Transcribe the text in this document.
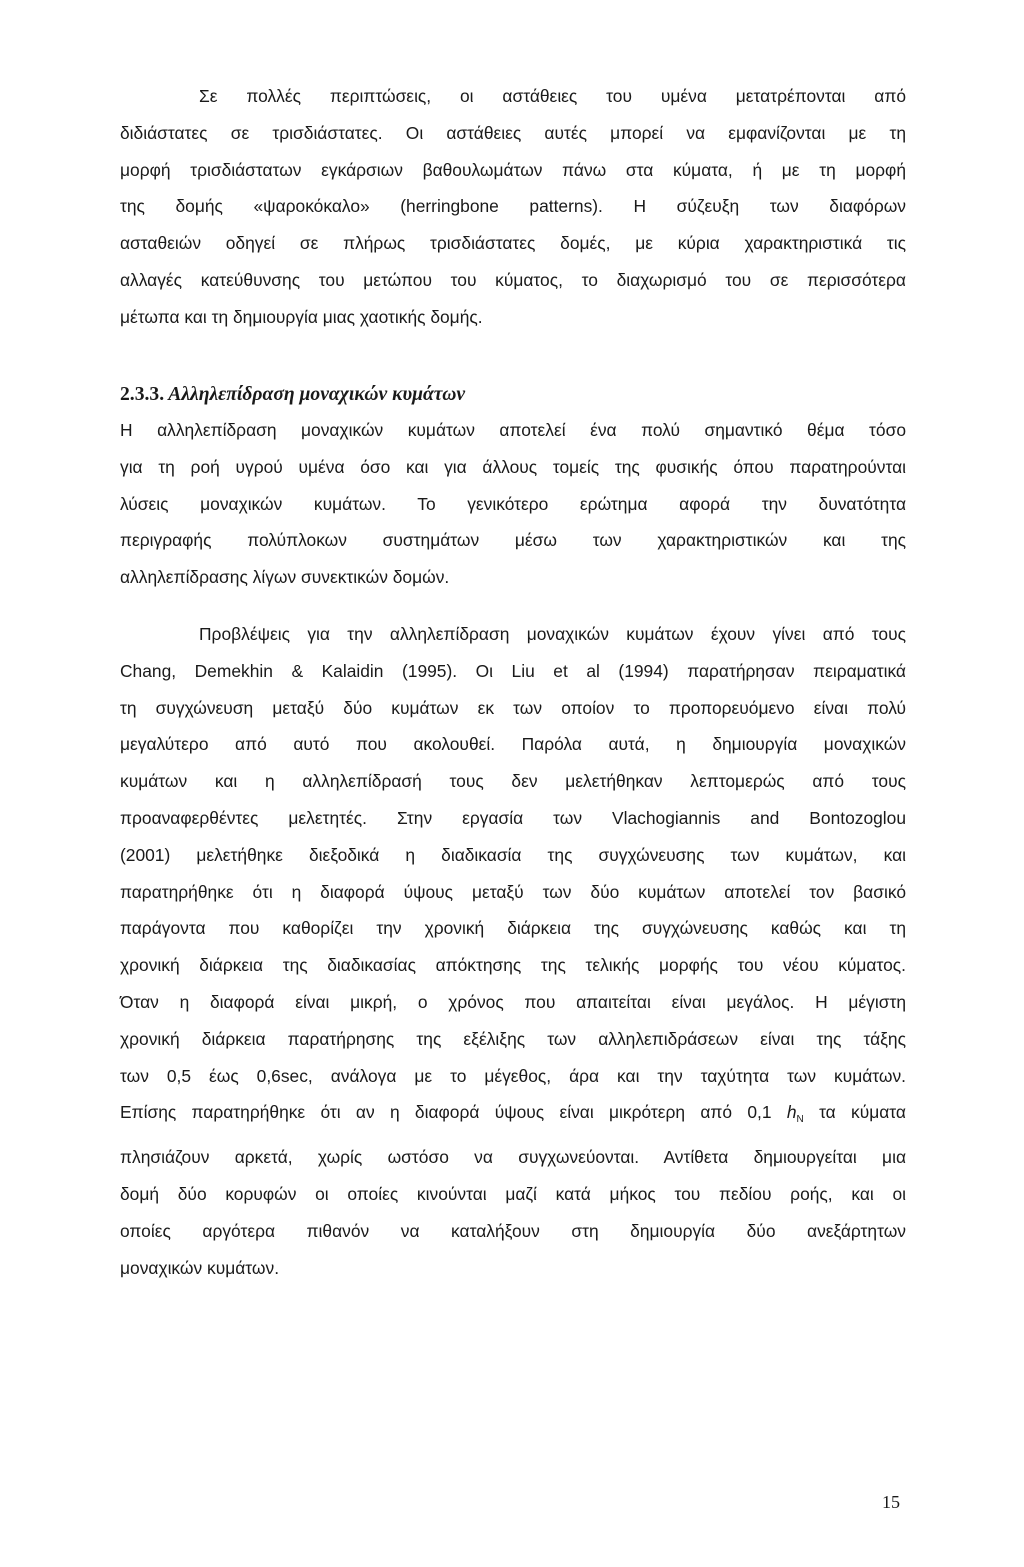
Σε πολλές περιπτώσεις, οι αστάθειες του υμένα μετατρέπονται από
διδιάστατες σε τρισδιάστατες. Οι αστάθειες αυτές μπορεί να εμφανίζονται με τη
μορφή τρισδιάστατων εγκάρσιων βαθουλωμάτων πάνω στα κύματα, ή με τη μορφή
της δομής «ψαροκόκαλο» (herringbone patterns). Η σύζευξη των διαφόρων
ασταθειών οδηγεί σε πλήρως τρισδιάστατες δομές, με κύρια χαρακτηριστικά τις
αλλαγές κατεύθυνσης του μετώπου του κύματος, το διαχωρισμό του σε περισσότερα
μέτωπα και τη δημιουργία μιας χαοτικής δομής.

2.3.3. Αλληλεπίδραση μοναχικών κυμάτων

Η αλληλεπίδραση μοναχικών κυμάτων αποτελεί ένα πολύ σημαντικό θέμα τόσο
για τη ροή υγρού υμένα όσο και για άλλους τομείς της φυσικής όπου παρατηρούνται
λύσεις μοναχικών κυμάτων. Το γενικότερο ερώτημα αφορά την δυνατότητα
περιγραφής πολύπλοκων συστημάτων μέσω των χαρακτηριστικών και της
αλληλεπίδρασης λίγων συνεκτικών δομών.

Προβλέψεις για την αλληλεπίδραση μοναχικών κυμάτων έχουν γίνει από τους
Chang, Demekhin & Kalaidin (1995). Οι Liu et al (1994) παρατήρησαν πειραματικά
τη συγχώνευση μεταξύ δύο κυμάτων εκ των οποίον το προπορευόμενο είναι πολύ
μεγαλύτερο από αυτό που ακολουθεί. Παρόλα αυτά, η δημιουργία μοναχικών
κυμάτων και η αλληλεπίδρασή τους δεν μελετήθηκαν λεπτομερώς από τους
προαναφερθέντες μελετητές. Στην εργασία των Vlachogiannis and Bontozoglou
(2001) μελετήθηκε διεξοδικά η διαδικασία της συγχώνευσης των κυμάτων, και
παρατηρήθηκε ότι η διαφορά ύψους μεταξύ των δύο κυμάτων αποτελεί τον βασικό
παράγοντα που καθορίζει την χρονική διάρκεια της συγχώνευσης καθώς και τη
χρονική διάρκεια της διαδικασίας απόκτησης της τελικής μορφής του νέου κύματος.
Όταν η διαφορά είναι μικρή, ο χρόνος που απαιτείται είναι μεγάλος. Η μέγιστη
χρονική διάρκεια παρατήρησης της εξέλιξης των αλληλεπιδράσεων είναι της τάξης
των 0,5 έως 0,6sec, ανάλογα με το μέγεθος, άρα και την ταχύτητα των κυμάτων.
Επίσης παρατηρήθηκε ότι αν η διαφορά ύψους είναι μικρότερη από 0,1 $h_N$ τα κύματα
πλησιάζουν αρκετά, χωρίς ωστόσο να συγχωνεύονται. Αντίθετα δημιουργείται μια
δομή δύο κορυφών οι οποίες κινούνται μαζί κατά μήκος του πεδίου ροής, και οι
οποίες αργότερα πιθανόν να καταλήξουν στη δημιουργία δύο ανεξάρτητων
μοναχικών κυμάτων.

15
